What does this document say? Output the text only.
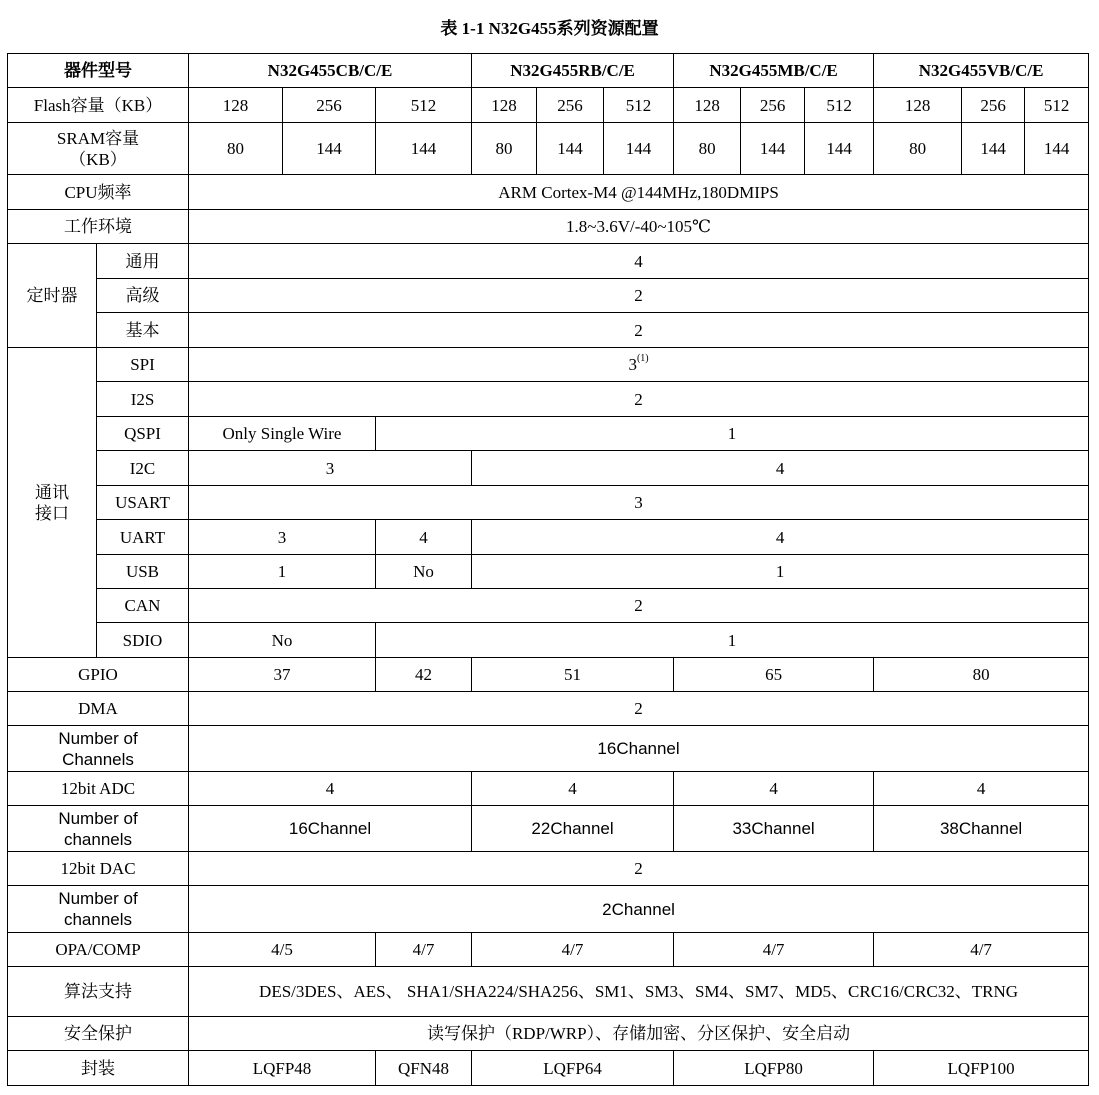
表 1-1 N32G455系列资源配置
器件型号		N32G455CB/C/E			N32G455RB/C/E			N32G455MB/C/E			N32G455VB/C/E		
Flash容量（KB）		128	256	512	128	256	512	128	256	512	128	256	512

SRAM容量（KB）		80	144	144	80	144	144	80	144	144	80	144	144
CPU频率		ARM Cortex-M4 @144MHz,180DMIPS											
工作环境		1.8~3.6V/-40~105℃											
定时器	通用	4											
	高级	2											
	基本	2											

通讯接口	SPI	3$^{(1)}$
	I2S	2											
	QSPI	Only Single Wire		1									
	I2C	3			4								
	USART	3											
	UART	3		4	4								
	USB	1		No	1								
	CAN	2											
	SDIO	No		1									
GPIO		37		42	51			65			80		
DMA		2											

Number of Channels		16Channel											
12bit ADC		4			4			4			4		

Number of channels		16Channel			22Channel			33Channel			38Channel		
12bit DAC		2											

Number of channels		2Channel											
OPA/COMP		4/5		4/7	4/7			4/7			4/7		
算法支持		DES/3DES、AES、 SHA1/SHA224/SHA256、SM1、SM3、SM4、SM7、MD5、CRC16/CRC32、TRNG											
安全保护		读写保护（RDP/WRP）、存储加密、分区保护、安全启动											
封装		LQFP48		QFN48	LQFP64			LQFP80			LQFP100		
